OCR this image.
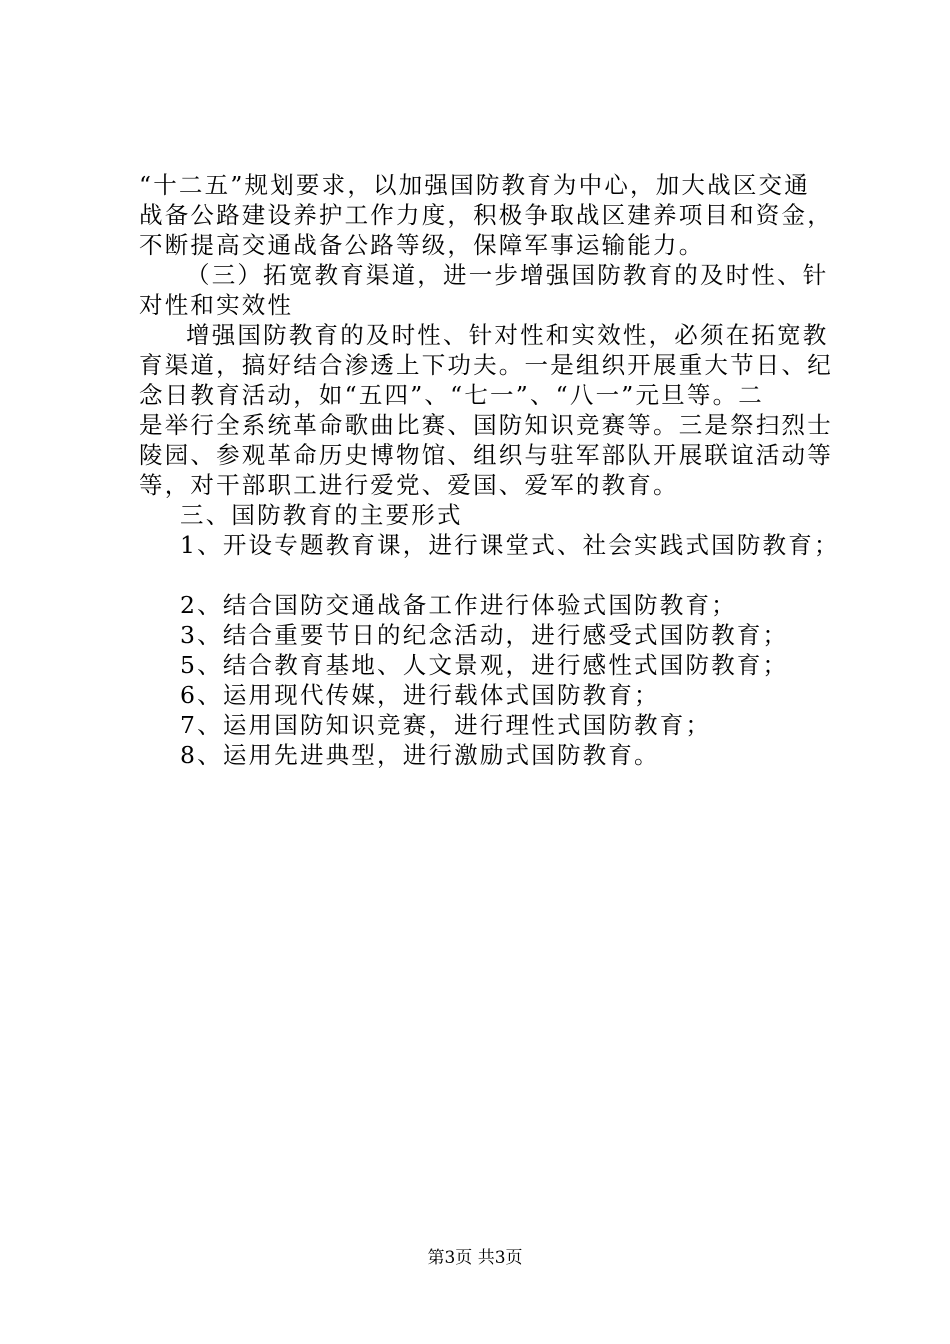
“十二五”规划要求，以加强国防教育为中心，加大战区交通
战备公路建设养护工作力度，积极争取战区建养项目和资金，
不断提高交通战备公路等级，保障军事运输能力。
（三）拓宽教育渠道，进一步增强国防教育的及时性、针
对性和实效性
增强国防教育的及时性、针对性和实效性，必须在拓宽教
育渠道，搞好结合渗透上下功夫。一是组织开展重大节日、纪
念日教育活动，如“五四”、“七一”、“八一”元旦等。二
是举行全系统革命歌曲比赛、国防知识竞赛等。三是祭扫烈士
陵园、参观革命历史博物馆、组织与驻军部队开展联谊活动等
等，对干部职工进行爱党、爱国、爱军的教育。
三、国防教育的主要形式
1、开设专题教育课，进行课堂式、社会实践式国防教育；
2、结合国防交通战备工作进行体验式国防教育；
3、结合重要节日的纪念活动，进行感受式国防教育；
5、结合教育基地、人文景观，进行感性式国防教育；
6、运用现代传媒，进行载体式国防教育；
7、运用国防知识竞赛，进行理性式国防教育；
8、运用先进典型，进行激励式国防教育。
第3页 共3页
